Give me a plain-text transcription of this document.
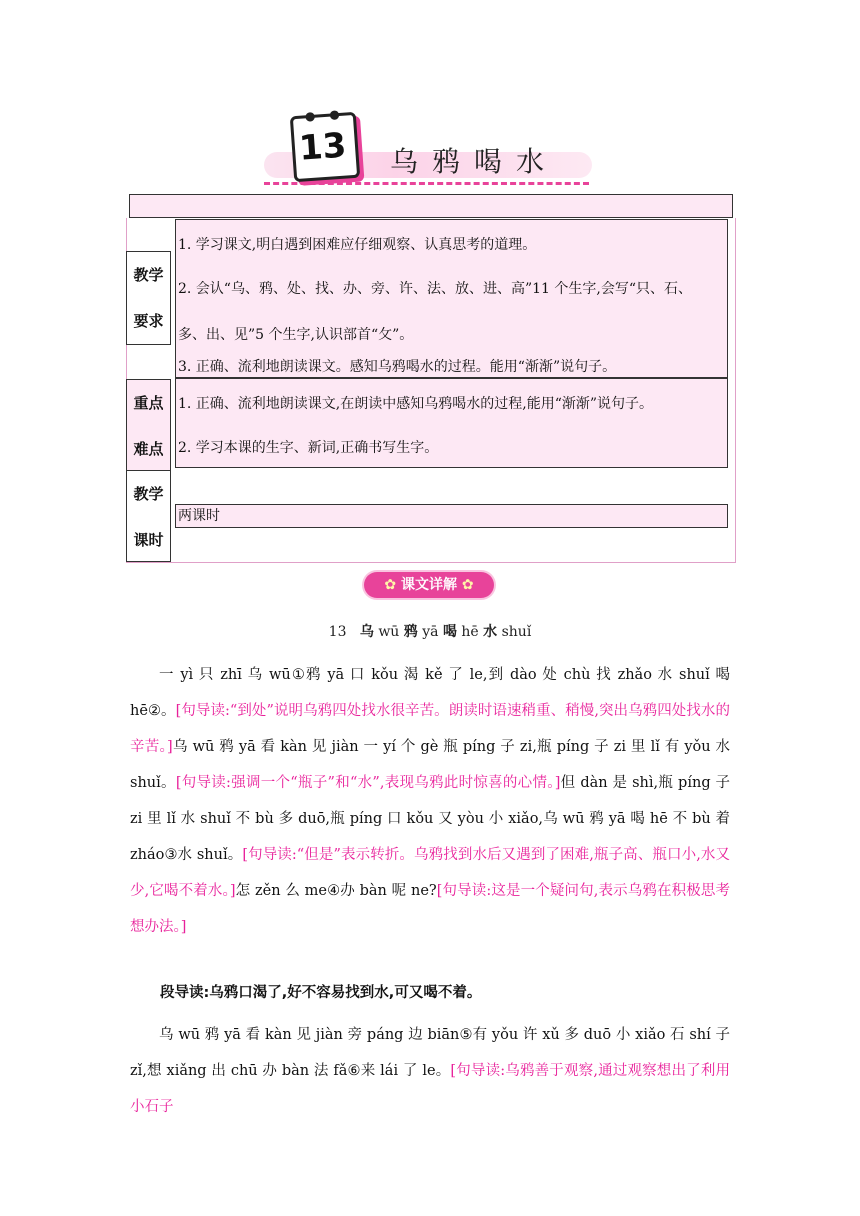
●●
13 乌鸦喝水
教学
要求

1. 学习课文,明白遇到困难应仔细观察、认真思考的道理。

2. 会认“乌、鸦、处、找、办、旁、许、法、放、进、高”11 个生字,会写“只、石、

多、出、见”5 个生字,认识部首“攵”。

3. 正确、流利地朗读课文。感知乌鸦喝水的过程。能用“渐渐”说句子。

重点
难点

1. 正确、流利地朗读课文,在朗读中感知乌鸦喝水的过程,能用“渐渐”说句子。

2. 学习本课的生字、新词,正确书写生字。

教学
课时

两课时

✿ 课文详解 ✿
13 乌 wū 鸦 yā 喝 hē 水 shuǐ
一 yì 只 zhī 乌 wū①鸦 yā 口 kǒu 渴 kě 了 le,到 dào 处 chù 找 zhǎo 水 shuǐ 喝 hē②。[句导读:“到处”说明乌鸦四处找水很辛苦。朗读时语速稍重、稍慢,突出乌鸦四处找水的辛苦。]乌 wū 鸦 yā 看 kàn 见 jiàn 一 yí 个 gè 瓶 píng 子 zi,瓶 píng 子 zi 里 lǐ 有 yǒu 水 shuǐ。[句导读:强调一个“瓶子”和“水”,表现乌鸦此时惊喜的心情。]但 dàn 是 shì,瓶 píng 子 zi 里 lǐ 水 shuǐ 不 bù 多 duō,瓶 píng 口 kǒu 又 yòu 小 xiǎo,乌 wū 鸦 yā 喝 hē 不 bù 着 zháo③水 shuǐ。[句导读:“但是”表示转折。乌鸦找到水后又遇到了困难,瓶子高、瓶口小,水又少,它喝不着水。]怎 zěn 么 me④办 bàn 呢 ne?[句导读:这是一个疑问句,表示乌鸦在积极思考想办法。]
段导读:乌鸦口渴了,好不容易找到水,可又喝不着。
乌 wū 鸦 yā 看 kàn 见 jiàn 旁 páng 边 biān⑤有 yǒu 许 xǔ 多 duō 小 xiǎo 石 shí 子 zǐ,想 xiǎng 出 chū 办 bàn 法 fǎ⑥来 lái 了 le。[句导读:乌鸦善于观察,通过观察想出了利用小石子
